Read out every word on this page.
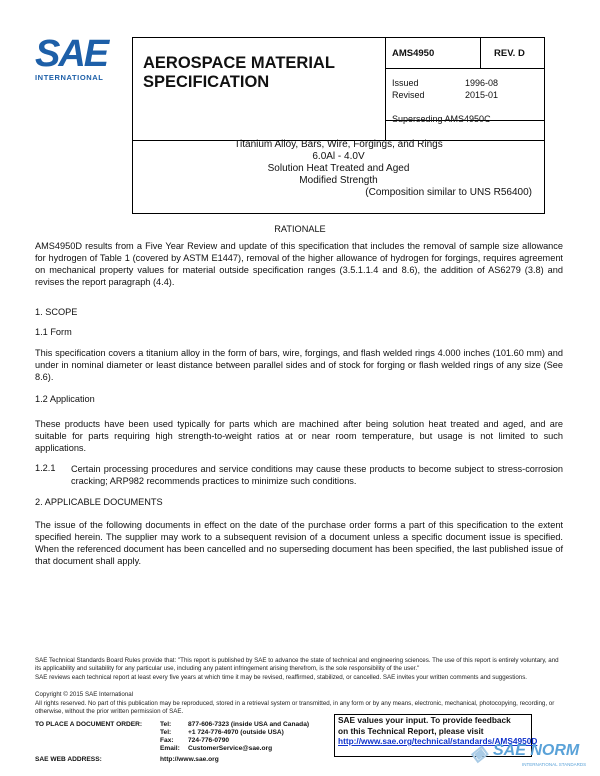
SAE
INTERNATIONAL
AEROSPACE MATERIAL
SPECIFICATION
AMS4950	REV. D
Issued	1996-08
Revised	2015-01
Superseding AMS4950C
Titanium Alloy, Bars, Wire, Forgings, and Rings
6.0Al - 4.0V
Solution Heat Treated and Aged
Modified Strength
(Composition similar to UNS R56400)
RATIONALE
AMS4950D results from a Five Year Review and update of this specification that includes the removal of sample size allowance for hydrogen of Table 1 (covered by ASTM E1447), removal of the higher allowance of hydrogen for forgings, requires agreement on mechanical property values for material outside specification ranges (3.5.1.1.4 and 8.6), the addition of AS6279 (3.8) and revises the report paragraph (4.4).
1. SCOPE
1.1 Form
This specification covers a titanium alloy in the form of bars, wire, forgings, and flash welded rings 4.000 inches (101.60 mm) and under in nominal diameter or least distance between parallel sides and of stock for forging or flash welded rings of any size (See 8.6).
1.2 Application
These products have been used typically for parts which are machined after being solution heat treated and aged, and are suitable for parts requiring high strength-to-weight ratios at or near room temperature, but usage is not limited to such applications.
1.2.1 Certain processing procedures and service conditions may cause these products to become subject to stress-corrosion cracking; ARP982 recommends practices to minimize such conditions.
2. APPLICABLE DOCUMENTS
The issue of the following documents in effect on the date of the purchase order forms a part of this specification to the extent specified herein. The supplier may work to a subsequent revision of a document unless a specific document issue is specified. When the referenced document has been cancelled and no superseding document has been specified, the last published issue of that document shall apply.
SAE Technical Standards Board Rules provide that: "This report is published by SAE to advance the state of technical and engineering sciences. The use of this report is entirely voluntary, and its applicability and suitability for any particular use, including any patent infringement arising therefrom, is the sole responsibility of the user."
SAE reviews each technical report at least every five years at which time it may be revised, reaffirmed, stabilized, or cancelled. SAE invites your written comments and suggestions.
Copyright © 2015 SAE International
All rights reserved. No part of this publication may be reproduced, stored in a retrieval system or transmitted, in any form or by any means, electronic, mechanical, photocopying, recording, or otherwise, without the prior written permission of SAE.
TO PLACE A DOCUMENT ORDER:	Tel:	877-606-7323 (inside USA and Canada)
Tel:	+1 724-776-4970 (outside USA)
Fax: 724-776-0790
Email: CustomerService@sae.org
SAE WEB ADDRESS:	http://www.sae.org
SAE values your input. To provide feedback
on this Technical Report, please visit
http://www.sae.org/technical/standards/AMS4950D
◈ SAE NORM
INTERNATIONAL STANDARDS
